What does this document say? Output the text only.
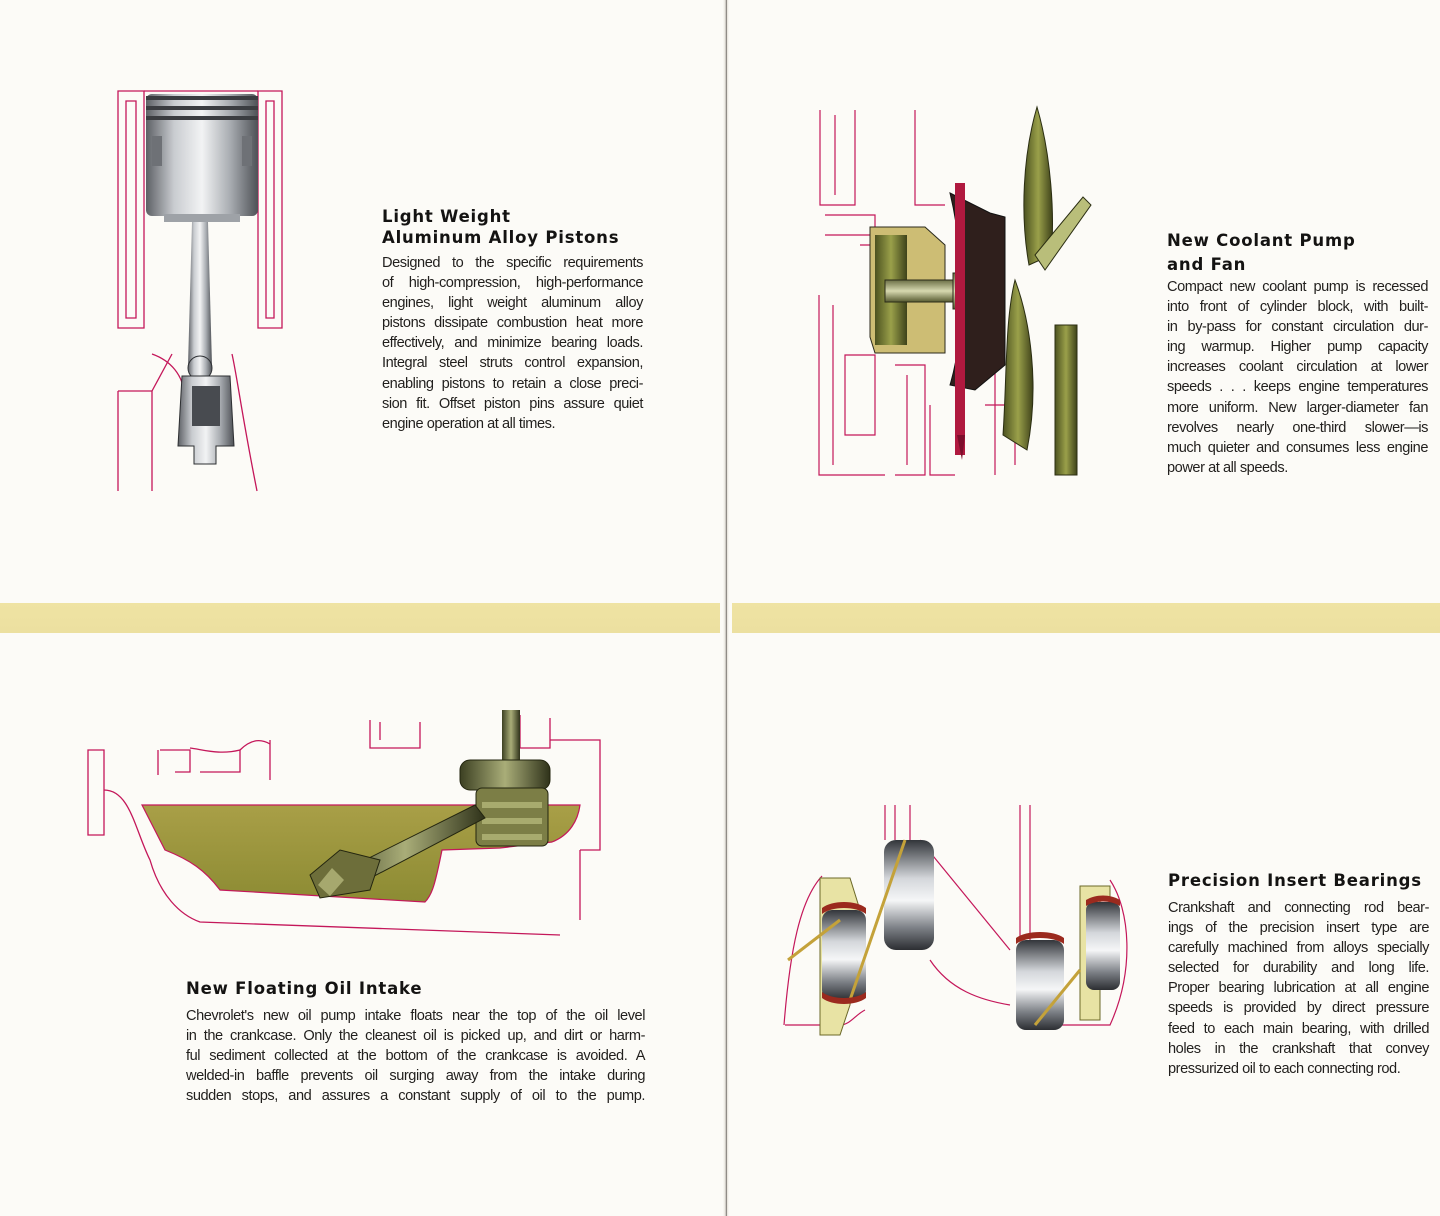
Light Weight
Aluminum Alloy Pistons
Designed to the specific requirements
of high-compression, high-performance
engines, light weight aluminum alloy
pistons dissipate combustion heat more
effectively, and minimize bearing loads.
Integral steel struts control expansion,
enabling pistons to retain a close preci-
sion fit. Offset piston pins assure quiet
engine operation at all times.
New Coolant Pump
and Fan
Compact new coolant pump is recessed
into front of cylinder block, with built-
in by-pass for constant circulation dur-
ing warmup. Higher pump capacity
increases coolant circulation at lower
speeds . . . keeps engine temperatures
more uniform. New larger-diameter fan
revolves nearly one-third slower—is
much quieter and consumes less engine
power at all speeds.
New Floating Oil Intake
Chevrolet's new oil pump intake floats near the top of the oil level
in the crankcase. Only the cleanest oil is picked up, and dirt or harm-
ful sediment collected at the bottom of the crankcase is avoided. A
welded-in baffle prevents oil surging away from the intake during
sudden stops, and assures a constant supply of oil to the pump.
Precision Insert Bearings
Crankshaft and connecting rod bear-
ings of the precision insert type are
carefully machined from alloys specially
selected for durability and long life.
Proper bearing lubrication at all engine
speeds is provided by direct pressure
feed to each main bearing, with drilled
holes in the crankshaft that convey
pressurized oil to each connecting rod.
